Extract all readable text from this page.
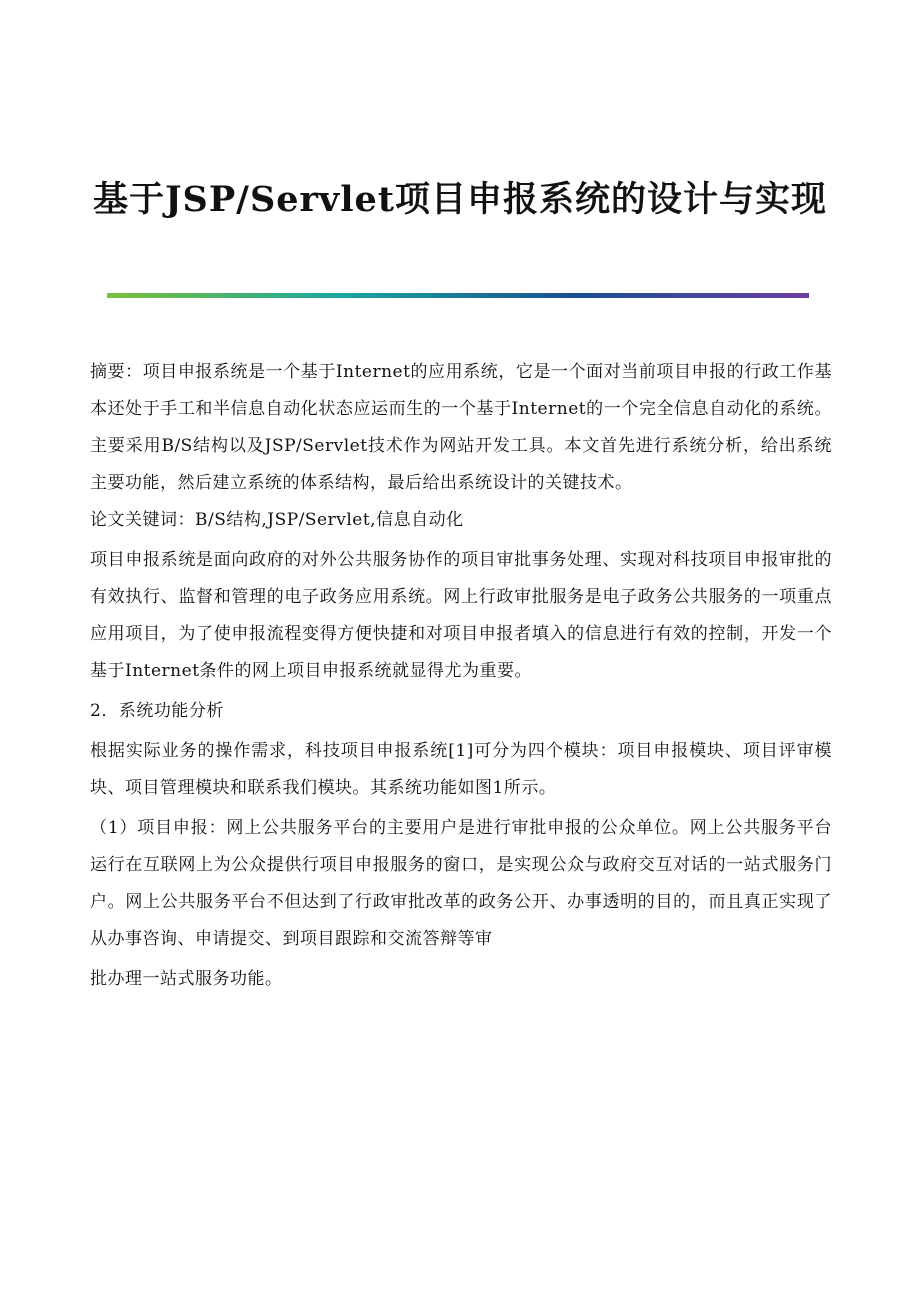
基于JSP/Servlet项目申报系统的设计与实现

摘要：项目申报系统是一个基于Internet的应用系统，它是一个面对当前项目申报的行政工作基本还处于手工和半信息自动化状态应运而生的一个基于Internet的一个完全信息自动化的系统。主要采用B/S结构以及JSP/Servlet技术作为网站开发工具。本文首先进行系统分析，给出系统主要功能，然后建立系统的体系结构，最后给出系统设计的关键技术。

论文关键词：B/S结构,JSP/Servlet,信息自动化

项目申报系统是面向政府的对外公共服务协作的项目审批事务处理、实现对科技项目申报审批的有效执行、监督和管理的电子政务应用系统。网上行政审批服务是电子政务公共服务的一项重点应用项目，为了使申报流程变得方便快捷和对项目申报者填入的信息进行有效的控制，开发一个基于Internet条件的网上项目申报系统就显得尤为重要。

2．系统功能分析

根据实际业务的操作需求，科技项目申报系统[1]可分为四个模块：项目申报模块、项目评审模块、项目管理模块和联系我们模块。其系统功能如图1所示。

（1）项目申报：网上公共服务平台的主要用户是进行审批申报的公众单位。网上公共服务平台运行在互联网上为公众提供行项目申报服务的窗口，是实现公众与政府交互对话的一站式服务门户。网上公共服务平台不但达到了行政审批改革的政务公开、办事透明的目的，而且真正实现了从办事咨询、申请提交、到项目跟踪和交流答辩等审

批办理一站式服务功能。
